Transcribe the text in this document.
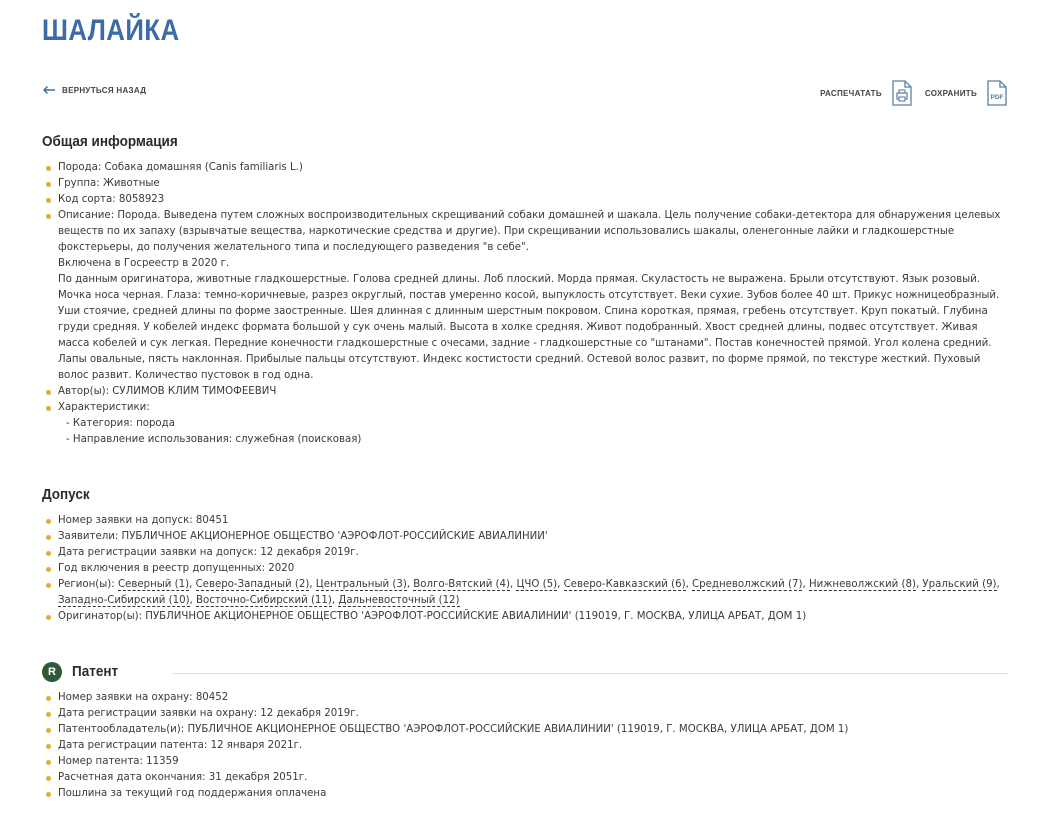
ШАЛАЙКА
ВЕРНУТЬСЯ НАЗАД	РАСПЕЧАТАТЬ	СОХРАНИТЬ PDF
Общая информация
Порода: Собака домашняя (Canis familiaris L.)
Группа: Животные
Код сорта: 8058923
Описание: Порода. Выведена путем сложных воспроизводительных скрещиваний собаки домашней и шакала. Цель получение собаки-детектора для обнаружения целевых веществ по их запаху (взрывчатые вещества, наркотические средства и другие). При скрещивании использовались шакалы, оленегонные лайки и гладкошерстные фокстерьеры, до получения желательного типа и последующего разведения "в себе".
Включена в Госреестр в 2020 г.
По данным оригинатора, животные гладкошерстные. Голова средней длины. Лоб плоский. Морда прямая. Скуластость не выражена. Брыли отсутствуют. Язык розовый. Мочка носа черная. Глаза: темно-коричневые, разрез округлый, постав умеренно косой, выпуклость отсутствует. Веки сухие. Зубов более 40 шт. Прикус ножницеобразный. Уши стоячие, средней длины по форме заостренные. Шея длинная с длинным шерстным покровом. Спина короткая, прямая, гребень отсутствует. Круп покатый. Глубина груди средняя. У кобелей индекс формата большой у сук очень малый. Высота в холке средняя. Живот подобранный. Хвост средней длины, подвес отсутствует. Живая масса кобелей и сук легкая. Передние конечности гладкошерстные с очесами, задние - гладкошерстные со "штанами". Постав конечностей прямой. Угол колена средний. Лапы овальные, пясть наклонная. Прибылые пальцы отсутствуют. Индекс костистости средний. Остевой волос развит, по форме прямой, по текстуре жесткий. Пуховый волос развит. Количество пустовок в год одна.
Автор(ы): СУЛИМОВ КЛИМ ТИМОФЕЕВИЧ
Характеристики:
- Категория: порода
- Направление использования: служебная (поисковая)
Допуск
Номер заявки на допуск: 80451
Заявители: ПУБЛИЧНОЕ АКЦИОНЕРНОЕ ОБЩЕСТВО 'АЭРОФЛОТ-РОССИЙСКИЕ АВИАЛИНИИ'
Дата регистрации заявки на допуск: 12 декабря 2019г.
Год включения в реестр допущенных: 2020
Регион(ы): Северный (1), Северо-Западный (2), Центральный (3), Волго-Вятский (4), ЦЧО (5), Северо-Кавказский (6), Средневолжский (7), Нижневолжский (8), Уральский (9), Западно-Сибирский (10), Восточно-Сибирский (11), Дальневосточный (12)
Оригинатор(ы): ПУБЛИЧНОЕ АКЦИОНЕРНОЕ ОБЩЕСТВО 'АЭРОФЛОТ-РОССИЙСКИЕ АВИАЛИНИИ' (119019, Г. МОСКВА, УЛИЦА АРБАТ, ДОМ 1)
R	Патент
Номер заявки на охрану: 80452
Дата регистрации заявки на охрану: 12 декабря 2019г.
Патентообладатель(и): ПУБЛИЧНОЕ АКЦИОНЕРНОЕ ОБЩЕСТВО 'АЭРОФЛОТ-РОССИЙСКИЕ АВИАЛИНИИ' (119019, Г. МОСКВА, УЛИЦА АРБАТ, ДОМ 1)
Дата регистрации патента: 12 января 2021г.
Номер патента: 11359
Расчетная дата окончания: 31 декабря 2051г.
Пошлина за текущий год поддержания оплачена
